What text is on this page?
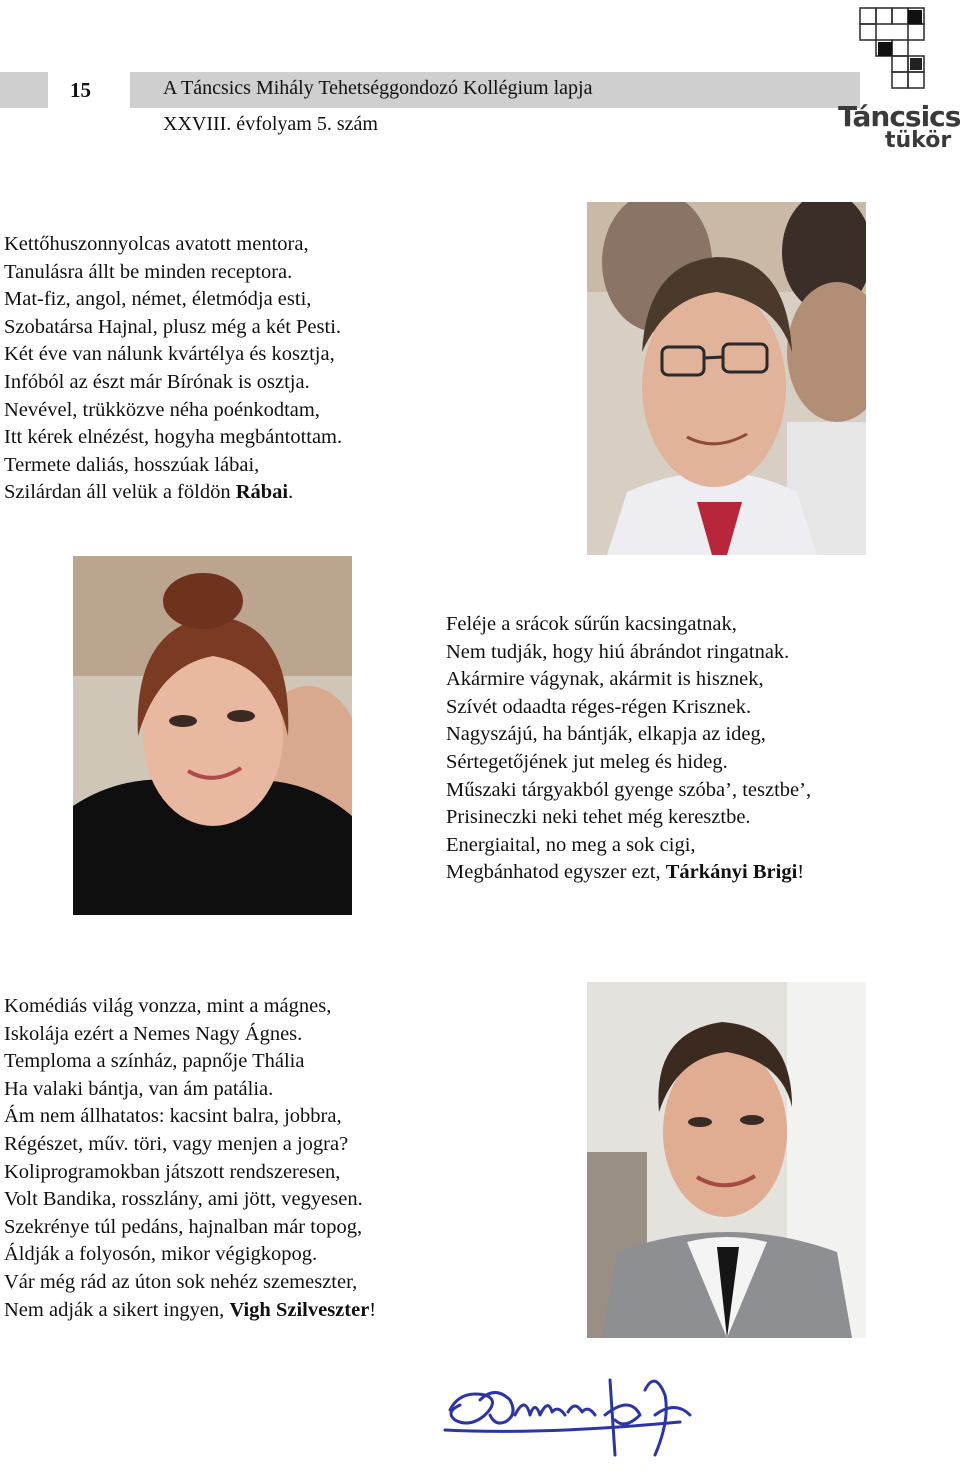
15	A Táncsics Mihály Tehetséggondozó Kollégium lapja
XXVIII. évfolyam 5. szám	Táncsics
tükör
Kettőhuszonnyolcas avatott mentora,
Tanulásra állt be minden receptora.
Mat-fiz, angol, német, életmódja esti,
Szobatársa Hajnal, plusz még a két Pesti.
Két éve van nálunk kvártélya és kosztja,
Infóból az észt már Bírónak is osztja.
Nevével, trükközve néha poénkodtam,
Itt kérek elnézést, hogyha megbántottam.
Termete daliás, hosszúak lábai,
Szilárdan áll velük a földön Rábai.
Feléje a srácok sűrűn kacsingatnak,
Nem tudják, hogy hiú ábrándot ringatnak.
Akármire vágynak, akármit is hisznek,
Szívét odaadta réges-régen Krisznek.
Nagyszájú, ha bántják, elkapja az ideg,
Sértegetőjének jut meleg és hideg.
Műszaki tárgyakból gyenge szóba’, tesztbe’,
Prisineczki neki tehet még keresztbe.
Energiaital, no meg a sok cigi,
Megbánhatod egyszer ezt, Tárkányi Brigi!
Komédiás világ vonzza, mint a mágnes,
Iskolája ezért a Nemes Nagy Ágnes.
Temploma a színház, papnője Thália
Ha valaki bántja, van ám patália.
Ám nem állhatatos: kacsint balra, jobbra,
Régészet, műv. töri, vagy menjen a jogra?
Koliprogramokban játszott rendszeresen,
Volt Bandika, rosszlány, ami jött, vegyesen.
Szekrénye túl pedáns, hajnalban már topog,
Áldják a folyosón, mikor végigkopog.
Vár még rád az úton sok nehéz szemeszter,
Nem adják a sikert ingyen, Vigh Szilveszter!
